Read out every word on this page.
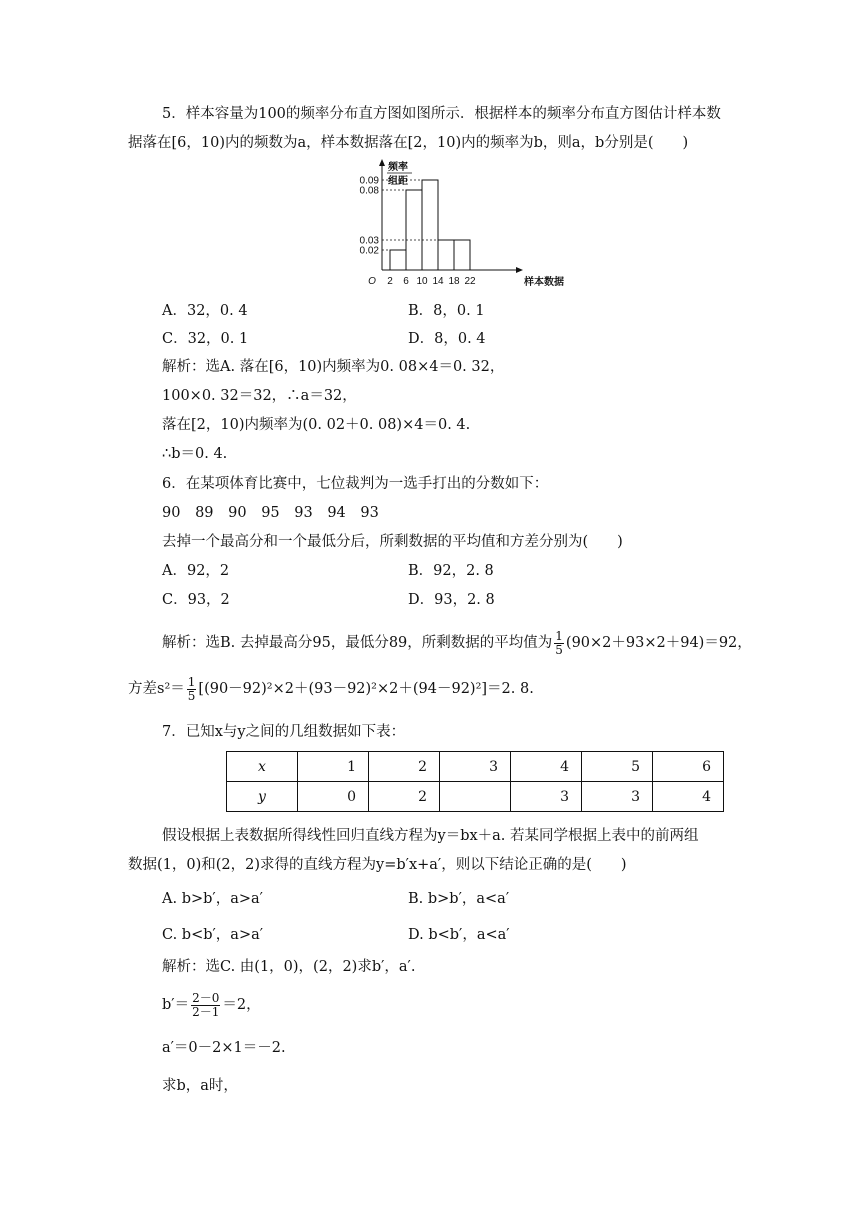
5．样本容量为100的频率分布直方图如图所示．根据样本的频率分布直方图估计样本数
据落在[6，10)内的频数为a，样本数据落在[2，10)内的频率为b，则a，b分别是(　　)
0.09
0.08
0.03
0.02
2 6 10 14 18 22
O	样本数据
频率
组距
A．32，0. 4	B．8，0. 1
C．32，0. 1	D．8，0. 4
解析：选A. 落在[6，10)内频率为0. 08×4＝0. 32，
100×0. 32＝32，∴a＝32，
落在[2，10)内频率为(0. 02＋0. 08)×4＝0. 4.
∴b＝0. 4.
6．在某项体育比赛中，七位裁判为一选手打出的分数如下：
90 89 90 95 93 94 93
去掉一个最高分和一个最低分后，所剩数据的平均值和方差分别为(　　)
A．92，2	B．92，2. 8
C．93，2	D．93，2. 8
解析：选B. 去掉最高分95，最低分89，所剩数据的平均值为 $\frac{1}{5} (90\times 2+93\times 2+94)=92$，
方差$s^2= \frac{1}{5} [(90-92)^2\times 2+(93-92)^2\times 2+(94-92)^2]=2$. 8.
7．已知x与y之间的几组数据如下表：
x	1	2	3	4	5	6
y	0	2		3	3	4
假设根据上表数据所得线性回归直线方程为y＝bx＋a. 若某同学根据上表中的前两组
数据(1，0)和(2，2)求得的直线方程为y=b′x+a′，则以下结论正确的是(　　)
A. b>b′，a>a′	B. b>b′，a<a′
C. b<b′，a>a′	D. b<b′，a<a′
解析：选C. 由(1，0)，(2，2)求b′，a′.
$b'= \frac{2-0}{2-1} =2$，
a′＝0－2×1＝－2.
求b，a时，
